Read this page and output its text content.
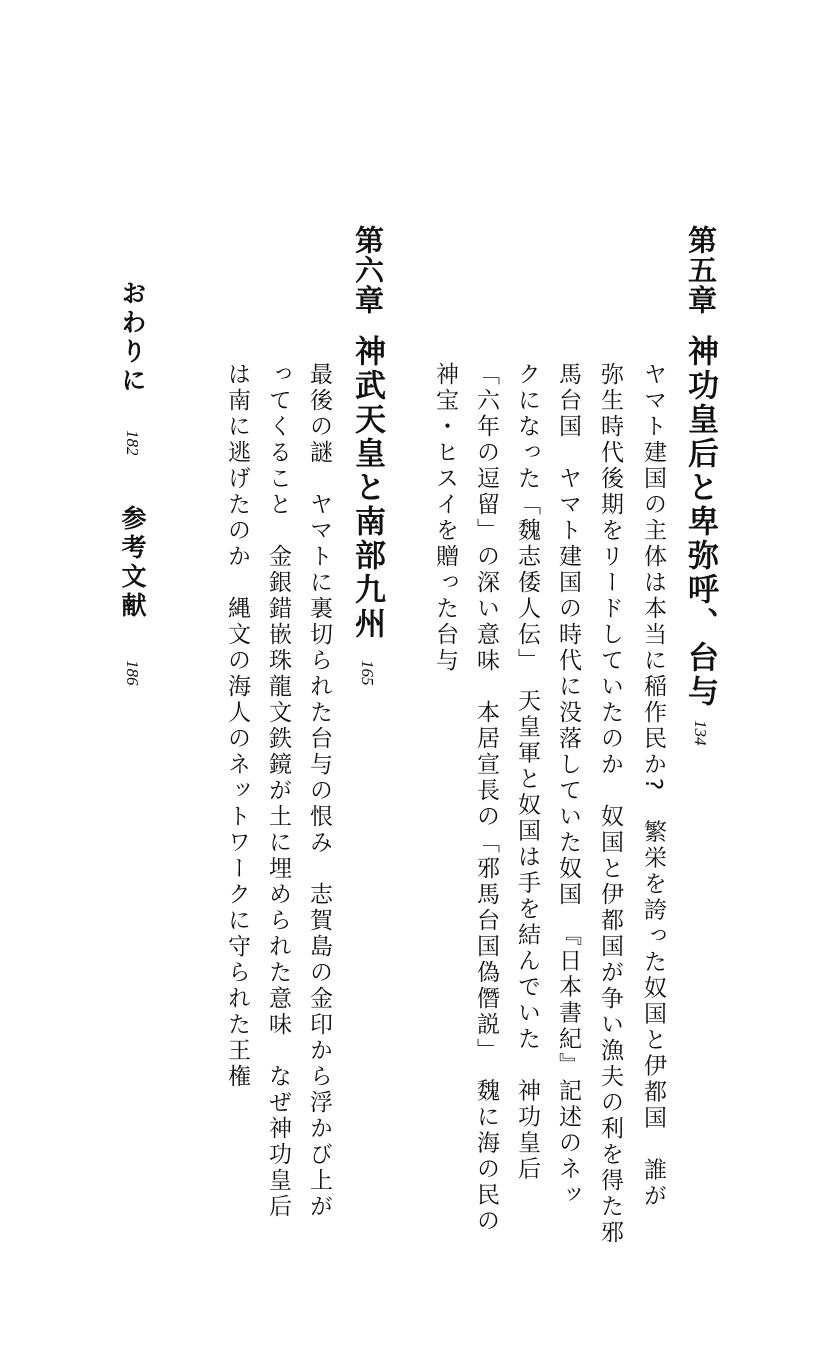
第五章
神功皇后と卑弥呼、台与
134
ヤマト建国の主体は本当に稲作民か?　繁栄を誇った奴国と伊都国　誰が
弥生時代後期をリードしていたのか　奴国と伊都国が争い漁夫の利を得た邪
馬台国　ヤマト建国の時代に没落していた奴国　『日本書紀』記述のネッ
クになった「魏志倭人伝」　天皇軍と奴国は手を結んでいた　神功皇后
「六年の逗留」の深い意味　本居宣長の「邪馬台国偽僭説」　魏に海の民の
神宝・ヒスイを贈った台与
第六章
神武天皇と南部九州
165
最後の謎　ヤマトに裏切られた台与の恨み　志賀島の金印から浮かび上が
ってくること　金銀錯嵌珠龍文鉄鏡が土に埋められた意味　なぜ神功皇后
は南に逃げたのか　縄文の海人のネットワークに守られた王権
おわりに
182
参考文献
186
